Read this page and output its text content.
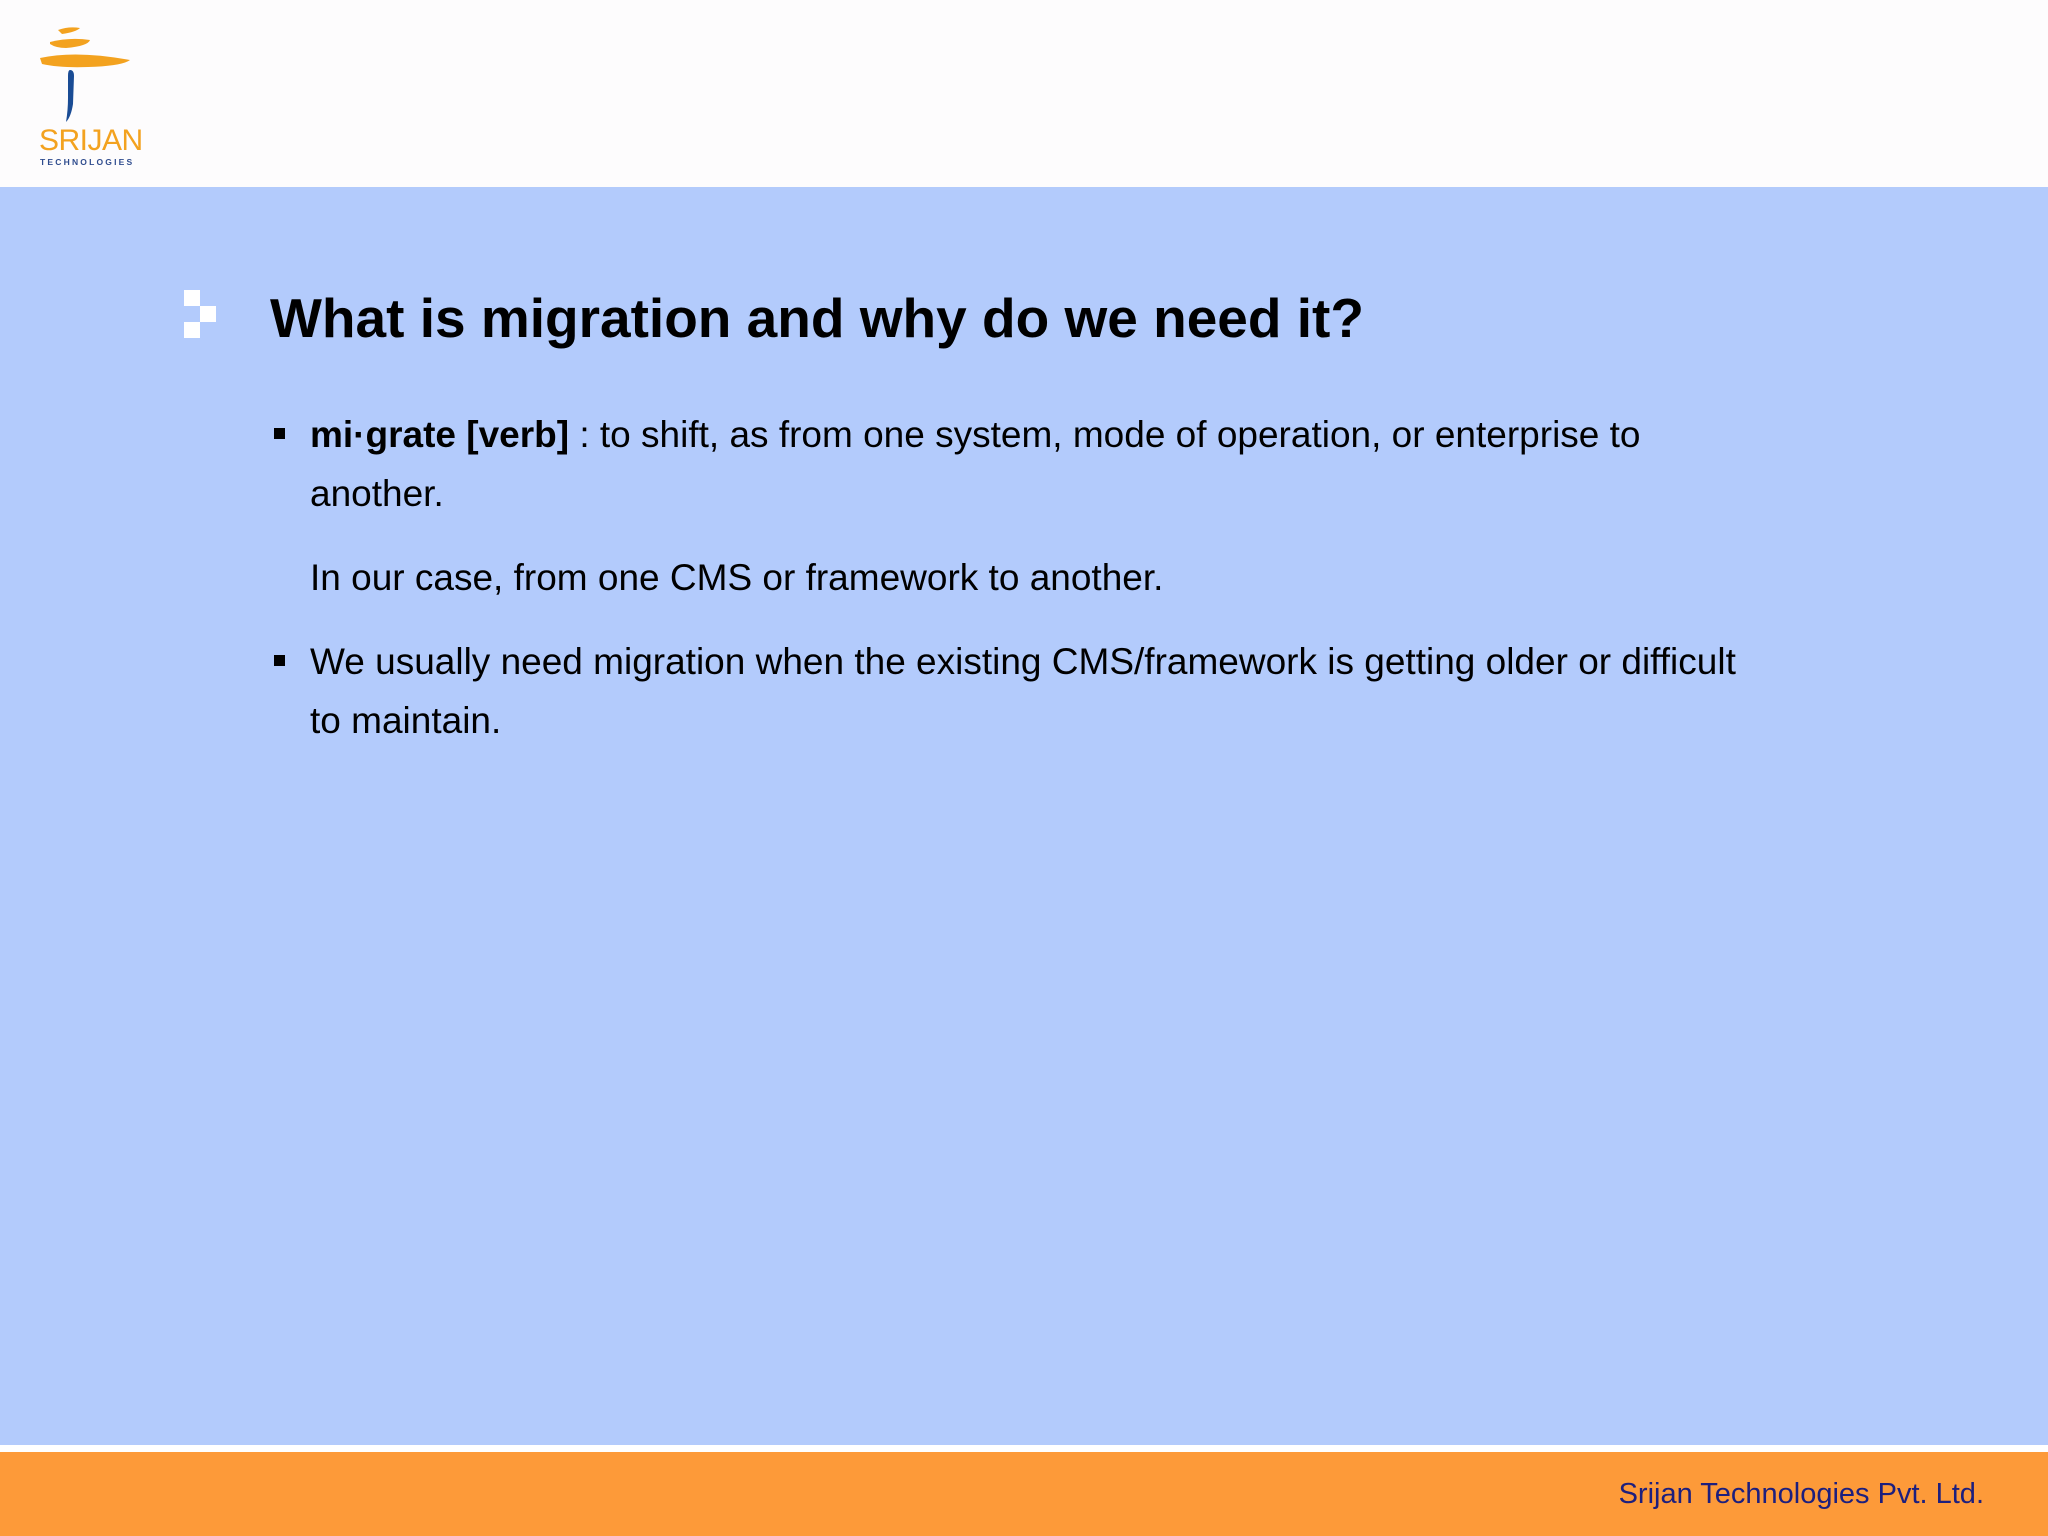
SRIJAN
TECHNOLOGIES
What is migration and why do we need it?
mi·grate [verb] : to shift, as from one system, mode of operation, or enterprise to another.
In our case, from one CMS or framework to another.
We usually need migration when the existing CMS/framework is getting older or difficult to maintain.
Srijan Technologies Pvt. Ltd.
